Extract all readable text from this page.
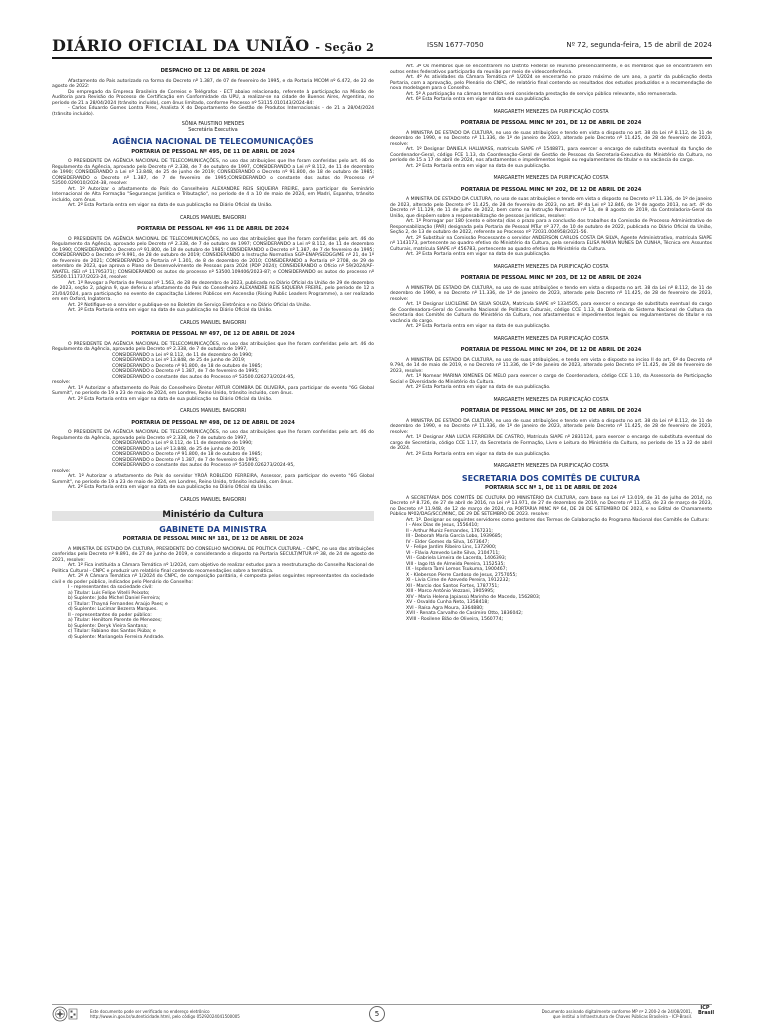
DIÁRIO OFICIAL DA UNIÃO - Seção 2	ISSN 1677-7050	Nº 72, segunda-feira, 15 de abril de 2024
DESPACHO DE 12 DE ABRIL DE 2024
Afastamento do País autorizado na forma do Decreto nº 1.387, de 07 de fevereiro de 1995, e da Portaria MCOM nº 6.472, de 22 de agosto de 2022:
Do empregado da Empresa Brasileira de Correios e Telégrafos - ECT abaixo relacionado, referente à participação na Missão de Auditoria para Revisão do Processo de Certificação em Conformidade da UPU, a realizar-se na cidade de Buenos Aires, Argentina, no período de 21 a 28/04/2024 (trânsito incluído), com ônus limitado, conforme Processo nº 53115.010143/2024-84:
- Carlos Eduardo Gomes Lontra Pires, Analista X do Departamento de Gestão de Produtos Internacionais - de 21 a 28/04/2024 (trânsito incluído).
SÔNIA FAUSTINO MENDES
Secretária Executiva
AGÊNCIA NACIONAL DE TELECOMUNICAÇÕES
PORTARIA DE PESSOAL Nº 495, DE 11 DE ABRIL DE 2024
O PRESIDENTE DA AGÊNCIA NACIONAL DE TELECOMUNICAÇÕES, no uso das atribuições que lhe foram conferidas pelo art. 46 do Regulamento da Agência, aprovado pelo Decreto nº 2.338, de 7 de outubro de 1997, CONSIDERANDO a Lei nº 8.112, de 11 de dezembro de 1990; CONSIDERANDO a Lei nº 13.848, de 25 de junho de 2019; CONSIDERANDO o Decreto nº 91.800, de 18 de outubro de 1985; CONSIDERANDO o Decreto nº 1.387, de 7 de fevereiro de 1995;CONSIDERANDO o constante dos autos do Processo nº 53500.029010/2024-38, resolve:
Art. 1º Autorizar o afastamento do País do Conselheiro ALEXANDRE REIS SIQUEIRA FREIRE, para participar do Seminário Internacional de Alta Formação "Seguranças Jurídica e Tributação", no período de 4 a 10 de maio de 2024, em Madri, Espanha, trânsito incluído, com ônus.
Art. 2º Esta Portaria entra em vigor na data de sua publicação no Diário Oficial da União.
CARLOS MANUEL BAIGORRI
PORTARIA DE PESSOAL Nº 496 11 DE ABRIL DE 2024
O PRESIDENTE DA AGÊNCIA NACIONAL DE TELECOMUNICAÇÕES, no uso das atribuições que lhe foram conferidas pelo art. 46 do Regulamento da Agência, aprovado pelo Decreto nº 2.338, de 7 de outubro de 1997; CONSIDERANDO a Lei nº 8.112, de 11 de dezembro de 1990; CONSIDERANDO o Decreto nº 91.800, de 18 de outubro de 1985; CONSIDERANDO o Decreto nº 1.387, de 7 de fevereiro de 1995; CONSIDERANDO o Decreto nº 9.991, de 28 de outubro de 2019; CONSIDERANDO a Instrução Normativa SGP-ENAP/SEDGG/ME nº 21, de 1º de fevereiro de 2021; CONSIDERANDO a Portaria nº 1.301, de 8 de dezembro de 2010; CONSIDERANDO a Portaria nº 2708, de 29 de setembro de 2023, que aprova o Plano de Desenvolvimento de Pessoas para 2024 (PDP 2024); CONSIDERANDO o Ofício nº 59/2024/AF-ANATEL (SEI nº 11795371); CONSIDERANDO os autos do processo nº 53500.109406/2023-87; e CONSIDERANDO os autos do processo nº 53500.111737/2023-24, resolve:
Art. 1º Revogar a Portaria de Pessoal nº 1.563, de 28 de dezembro de 2023, publicada no Diário Oficial da União de 29 de dezembro de 2023, seção 2, página 9, que deferiu o afastamento do País do Conselheiro ALEXANDRE REIS SIQUEIRA FREIRE, pelo período de 12 a 21/04/2024, para participação no evento de capacitação Líderes Públicos em Ascensão (Rising Public Leaders Programme), a ser realizado em em Oxford, Inglaterra.
Art. 2º Notifique-se o servidor e publique-se no Boletim de Serviço Eletrônico e no Diário Oficial da União.
Art. 3º Esta Portaria entra em vigor na data de sua publicação no Diário Oficial da União.
CARLOS MANUEL BAIGORRI
PORTARIA DE PESSOAL Nº 497, DE 12 DE ABRIL DE 2024
O PRESIDENTE DA AGÊNCIA NACIONAL DE TELECOMUNICAÇÕES, no uso das atribuições que lhe foram conferidas pelo art. 46 do Regulamento da Agência, aprovado pelo Decreto nº 2.338, de 7 de outubro de 1997,
CONSIDERANDO a Lei nº 8.112, de 11 de dezembro de 1990;
CONSIDERANDO a Lei nº 13.848, de 25 de junho de 2019;
CONSIDERANDO o Decreto nº 91.800, de 18 de outubro de 1985;
CONSIDERANDO o Decreto nº 1.387, de 7 de fevereiro de 1995;
CONSIDERANDO o constante dos autos do Processo nº 53500.026273/2024-95,
resolve:
Art. 1º Autorizar o afastamento do País do Conselheiro Diretor ARTUR COIMBRA DE OLIVEIRA, para participar do evento "6G Global Summit", no período de 19 a 23 de maio de 2024, em Londres, Reino Unido, trânsito incluído, com ônus.
Art. 2º Esta Portaria entra em vigor na data de sua publicação no Diário Oficial da União.
CARLOS MANUEL BAIGORRI
PORTARIA DE PESSOAL Nº 498, DE 12 DE ABRIL DE 2024
O PRESIDENTE DA AGÊNCIA NACIONAL DE TELECOMUNICAÇÕES, no uso das atribuições que lhe foram conferidas pelo art. 46 do Regulamento da Agência, aprovado pelo Decreto nº 2.338, de 7 de outubro de 1997,
CONSIDERANDO a Lei nº 8.112, de 11 de dezembro de 1990;
CONSIDERANDO a Lei nº 13.848, de 25 de junho de 2019;
CONSIDERANDO o Decreto nº 91.800, de 18 de outubro de 1985;
CONSIDERANDO o Decreto nº 1.387, de 7 de fevereiro de 1995;
CONSIDERANDO o constante dos autos do Processo nº 53500.026273/2024-95,
resolve:
Art. 1º Autorizar o afastamento do País do servidor YROÁ ROBLEDO FERREIRA, Assessor, para participar do evento "6G Global Summit", no período de 19 a 23 de maio de 2024, em Londres, Reino Unido, trânsito incluído, com ônus.
Art. 2º Esta Portaria entra em vigor na data de sua publicação no Diário Oficial da União.
CARLOS MANUEL BAIGORRI
Ministério da Cultura
GABINETE DA MINISTRA
PORTARIA DE PESSOAL MINC Nº 181, DE 12 DE ABRIL DE 2024
A MINISTRA DE ESTADO DA CULTURA, PRESIDENTE DO CONSELHO NACIONAL DE POLÍTICA CULTURAL - CNPC, no uso das atribuições conferidas pelo Decreto nº 9.891, de 27 de junho de 2019, e considerando o disposto na Portaria SECULT/MTUR nº 38, de 24 de agosto de 2021, resolve:
Art. 1º Fica instituída a Câmara Temática nº 1/2024, com objetivo de realizar estudos para a reestruturação do Conselho Nacional de Política Cultural - CNPC e produzir um relatório final contendo recomendações sobre a temática.
Art. 2º A Câmara Temática nº 1/2024 do CNPC, de composição paritária, é composta pelos seguintes representantes da sociedade civil e do poder público, indicados pelo Plenário do Conselho:
I - representantes da sociedade civil:
a) Titular: Luis Felipe Vitelli Peixoto;
b) Suplente: João Michel Daniel Ferreira;
c) Titular: Thayná Fernandes Araújo Paes; e
d) Suplente: Lucimar Bezerra Marques.
II - representantes do poder público:
a) Titular: Heniltom Parente de Menezes;
b) Suplente: Deryk Vieira Santana;
c) Titular: Fabiano dos Santos Piúba; e
d) Suplente: Mariangela Ferreira Andrade.
Art. 3º Os membros que se encontrarem no Distrito Federal se reunirão presencialmente, e os membros que se encontrarem em outros entes federativos participarão da reunião por meio de videoconferência.
Art. 4º As atividades da Câmara Temática nº 1/2024 se encerrarão no prazo máximo de um ano, a partir da publicação desta Portaria, com a aprovação, pelo Plenário do CNPC, de relatório final contendo os resultados dos estudos produzidos e a recomendação de nova modelagem para o Conselho.
Art. 5º A participação na câmara temática será considerada prestação de serviço público relevante, não remunerada.
Art. 6º Esta Portaria entra em vigor na data de sua publicação.
MARGARETH MENEZES DA PURIFICAÇÃO COSTA
PORTARIA DE PESSOAL MINC Nº 201, DE 12 DE ABRIL DE 2024
A MINISTRA DE ESTADO DA CULTURA, no uso de suas atribuições e tendo em vista o disposto no art. 38 da Lei nº 8.112, de 11 de dezembro de 1990, e no Decreto nº 11.336, de 1º de janeiro de 2023, alterado pelo Decreto nº 11.425, de 28 de fevereiro de 2023, resolve:
Art. 1º Designar DANIELA HALLWASS, matrícula SIAPE nº 1548871, para exercer o encargo de substituta eventual da função de Coordenador-Geral, código FCE 1.13, da Coordenação-Geral de Gestão de Pessoas da Secretaria-Executiva do Ministério da Cultura, no período de 15 a 17 de abril de 2024, nos afastamentos e impedimentos legais ou regulamentares do titular e na vacância do cargo.
Art. 2º Esta Portaria entra em vigor na data de sua publicação.
MARGARETH MENEZES DA PURIFICAÇÃO COSTA
PORTARIA DE PESSOAL MINC Nº 202, DE 12 DE ABRIL DE 2024
A MINISTRA DE ESTADO DA CULTURA, no uso de suas atribuições e tendo em vista o disposto no Decreto nº 11.336, de 1º de janeiro de 2023, alterado pelo Decreto nº 11.425, de 28 de fevereiro de 2023, no art. 8º da Lei nº 12.846, de 1º de agosto 2013, no art. 4º do Decreto nº 11.129, de 11 de julho de 2022, bem como na Instrução Normativa nº 13, de 8 agosto de 2019, da Controladoria-Geral da União, que dispõem sobre a responsabilização de pessoas jurídicas, resolve:
Art. 1º Prorrogar por 180 (cento e oitenta) dias o prazo para a conclusão dos trabalhos da Comissão de Processo Administrativo de Responsabilização (PAR) designada pela Portaria de Pessoal MTur nº 377, de 10 de outubro de 2022, publicada no Diário Oficial da União, Seção 2, de 13 de outubro de 2022, referente ao Processo nº 72031.004958/2021-56.
Art. 2º Substituir na Comissão Processante o servidor ANDERSON CARLOS COSTA DA SILVA, Agente Administrativo, matrícula SIAPE nº 1143173, pertencente ao quadro efetivo do Ministério da Cultura, pela servidora ELISA MARIA NUNES DA CUNHA, Técnica em Assuntos Culturais, matrícula SIAPE nº 456783, pertencente ao quadro efetivo do Ministério da Cultura.
Art. 3º Esta Portaria entra em vigor na data de sua publicação.
MARGARETH MENEZES DA PURIFICAÇÃO COSTA
PORTARIA DE PESSOAL MINC Nº 203, DE 12 DE ABRIL DE 2024
A MINISTRA DE ESTADO DA CULTURA, no uso de suas atribuições e tendo em vista o disposto no art. 38 da Lei nº 8.112, de 11 de dezembro de 1990, e no Decreto nº 11.336, de 1º de janeiro de 2023, alterado pelo Decreto nº 11.425, de 28 de fevereiro de 2023, resolve:
Art. 1º Designar LUCILEINE DA SILVA SOUZA, Matrícula SIAPE nº 1334505, para exercer o encargo de substituta eventual do cargo de Coordenadora-Geral do Conselho Nacional de Políticas Culturais, código CCE 1.13, da Diretoria do Sistema Nacional de Cultura da Secretaria dos Comitês de Cultura do Ministério da Cultura, nos afastamentos e impedimentos legais ou regulamentares do titular e na vacância do cargo.
Art. 2º Esta Portaria entra em vigor na data de sua publicação.
MARGARETH MENEZES DA PURIFICAÇÃO COSTA
PORTARIA DE PESSOAL MINC Nº 204, DE 12 DE ABRIL DE 2024
A MINISTRA DE ESTADO DA CULTURA, no uso de suas atribuições, e tendo em vista o disposto no inciso II do art. 6º do Decreto nº 9.794, de 14 de maio de 2019, e no Decreto nº 11.336, de 1º de janeiro de 2023, alterado pelo Decreto nº 11.425, de 28 de fevereiro de 2023, resolve:
Art. 1º Nomear MARINA XIMENES DE MELO para exercer o cargo de Coordenadora, código CCE 1.10, da Assessoria de Participação Social e Diversidade do Ministério da Cultura.
Art. 2º Esta Portaria entra em vigor na data de sua publicação.
MARGARETH MENEZES DA PURIFICAÇÃO COSTA
PORTARIA DE PESSOAL MINC Nº 205, DE 12 DE ABRIL DE 2024
A MINISTRA DE ESTADO DA CULTURA, no uso de suas atribuições e tendo em vista o disposto no art. 38 da Lei nº 8.112, de 11 de dezembro de 1990, e no Decreto nº 11.336, de 1º de janeiro de 2023, alterado pelo Decreto nº 11.425, de 28 de fevereiro de 2023, resolve:
Art. 1º Designar ANA LUCIA FERREIRA DE CASTRO, Matrícula SIAPE nº 2831124, para exercer o encargo de substituta eventual do cargo de Secretária, código CCE 1.17, da Secretaria de Formação, Livro e Leitura do Ministério da Cultura, no período de 15 a 22 de abril de 2024.
Art. 2º Esta Portaria entra em vigor na data de sua publicação.
MARGARETH MENEZES DA PURIFICAÇÃO COSTA
SECRETARIA DOS COMITÊS DE CULTURA
PORTARIA SCC Nº 1, DE 11 DE ABRIL DE 2024
A SECRETÁRIA DOS COMITÊS DE CULTURA DO MINISTÉRIO DA CULTURA, com base na Lei nº 13.019, de 31 de julho de 2014, no Decreto nº 8.726, de 27 de abril de 2016, na Lei nº 13.971, de 27 de dezembro de 2019, no Decreto nº 11.453, de 23 de março de 2023, no Decreto nº 11.948, de 12 de março de 2024, na PORTARIA MINC Nº 64, DE 28 DE SETEMBRO DE 2023, e no Edital de Chamamento Público Nº02/DAG/SCC/MINC, DE 29 DE SETEMBRO DE 2023. resolve:
Art. 1º. Designar os seguintes servidores como gestores dos Termos de Colaboração do Programa Nacional dos Comitês de Cultura:
I - Alex Dias de Jesus, 1556410;
II - Arthur Muniz Fernandes, 1767231;
III - Deborah Maria Garcia Lobo, 1939685;
IV - Elder Gomes da Silva, 1673647;
V - Felipe Jardim Ribeiro Lins, 1372900;
VI - Flávia Azevedo Leite Silva, 2104711;
VII - Gabriela Limeira de Lacerda, 1406393;
VIII - Iago Itá de Almeida Pereira, 1152535;
IX - Ispdora Tami Lemos Tsukuma, 1900467;
X - Kleberson Pierre Cardoso de Jesus, 2757055;
XI - Livia Cirne de Azevedo Pereira, 1912232;
XII - Marcio dos Santos Fortes, 1787751;
XIII - Marco Antônio Vezzani, 1905995;
XIV - Maria Helena Japiassú Marinho de Macedo, 1562803;
XV - Osvaldo Cunha Neto, 1358418;
XVI - Raísa Agra Moura, 3364880;
XVII - Renata Carvalho de Casimiro Otto, 1836042;
XVIII - Rosilene Bião de Oliveira, 1560774;
Este documento pode ser verificado no endereço eletrônico
http://www.in.gov.br/autenticidade.html, pelo código 05292024041500005	5	Documento assinado digitalmente conforme MP nº 2.200-2 de 24/08/2001,
que institui a Infraestrutura de Chaves Públicas Brasileira - ICP-Brasil.
ICP Brasil
